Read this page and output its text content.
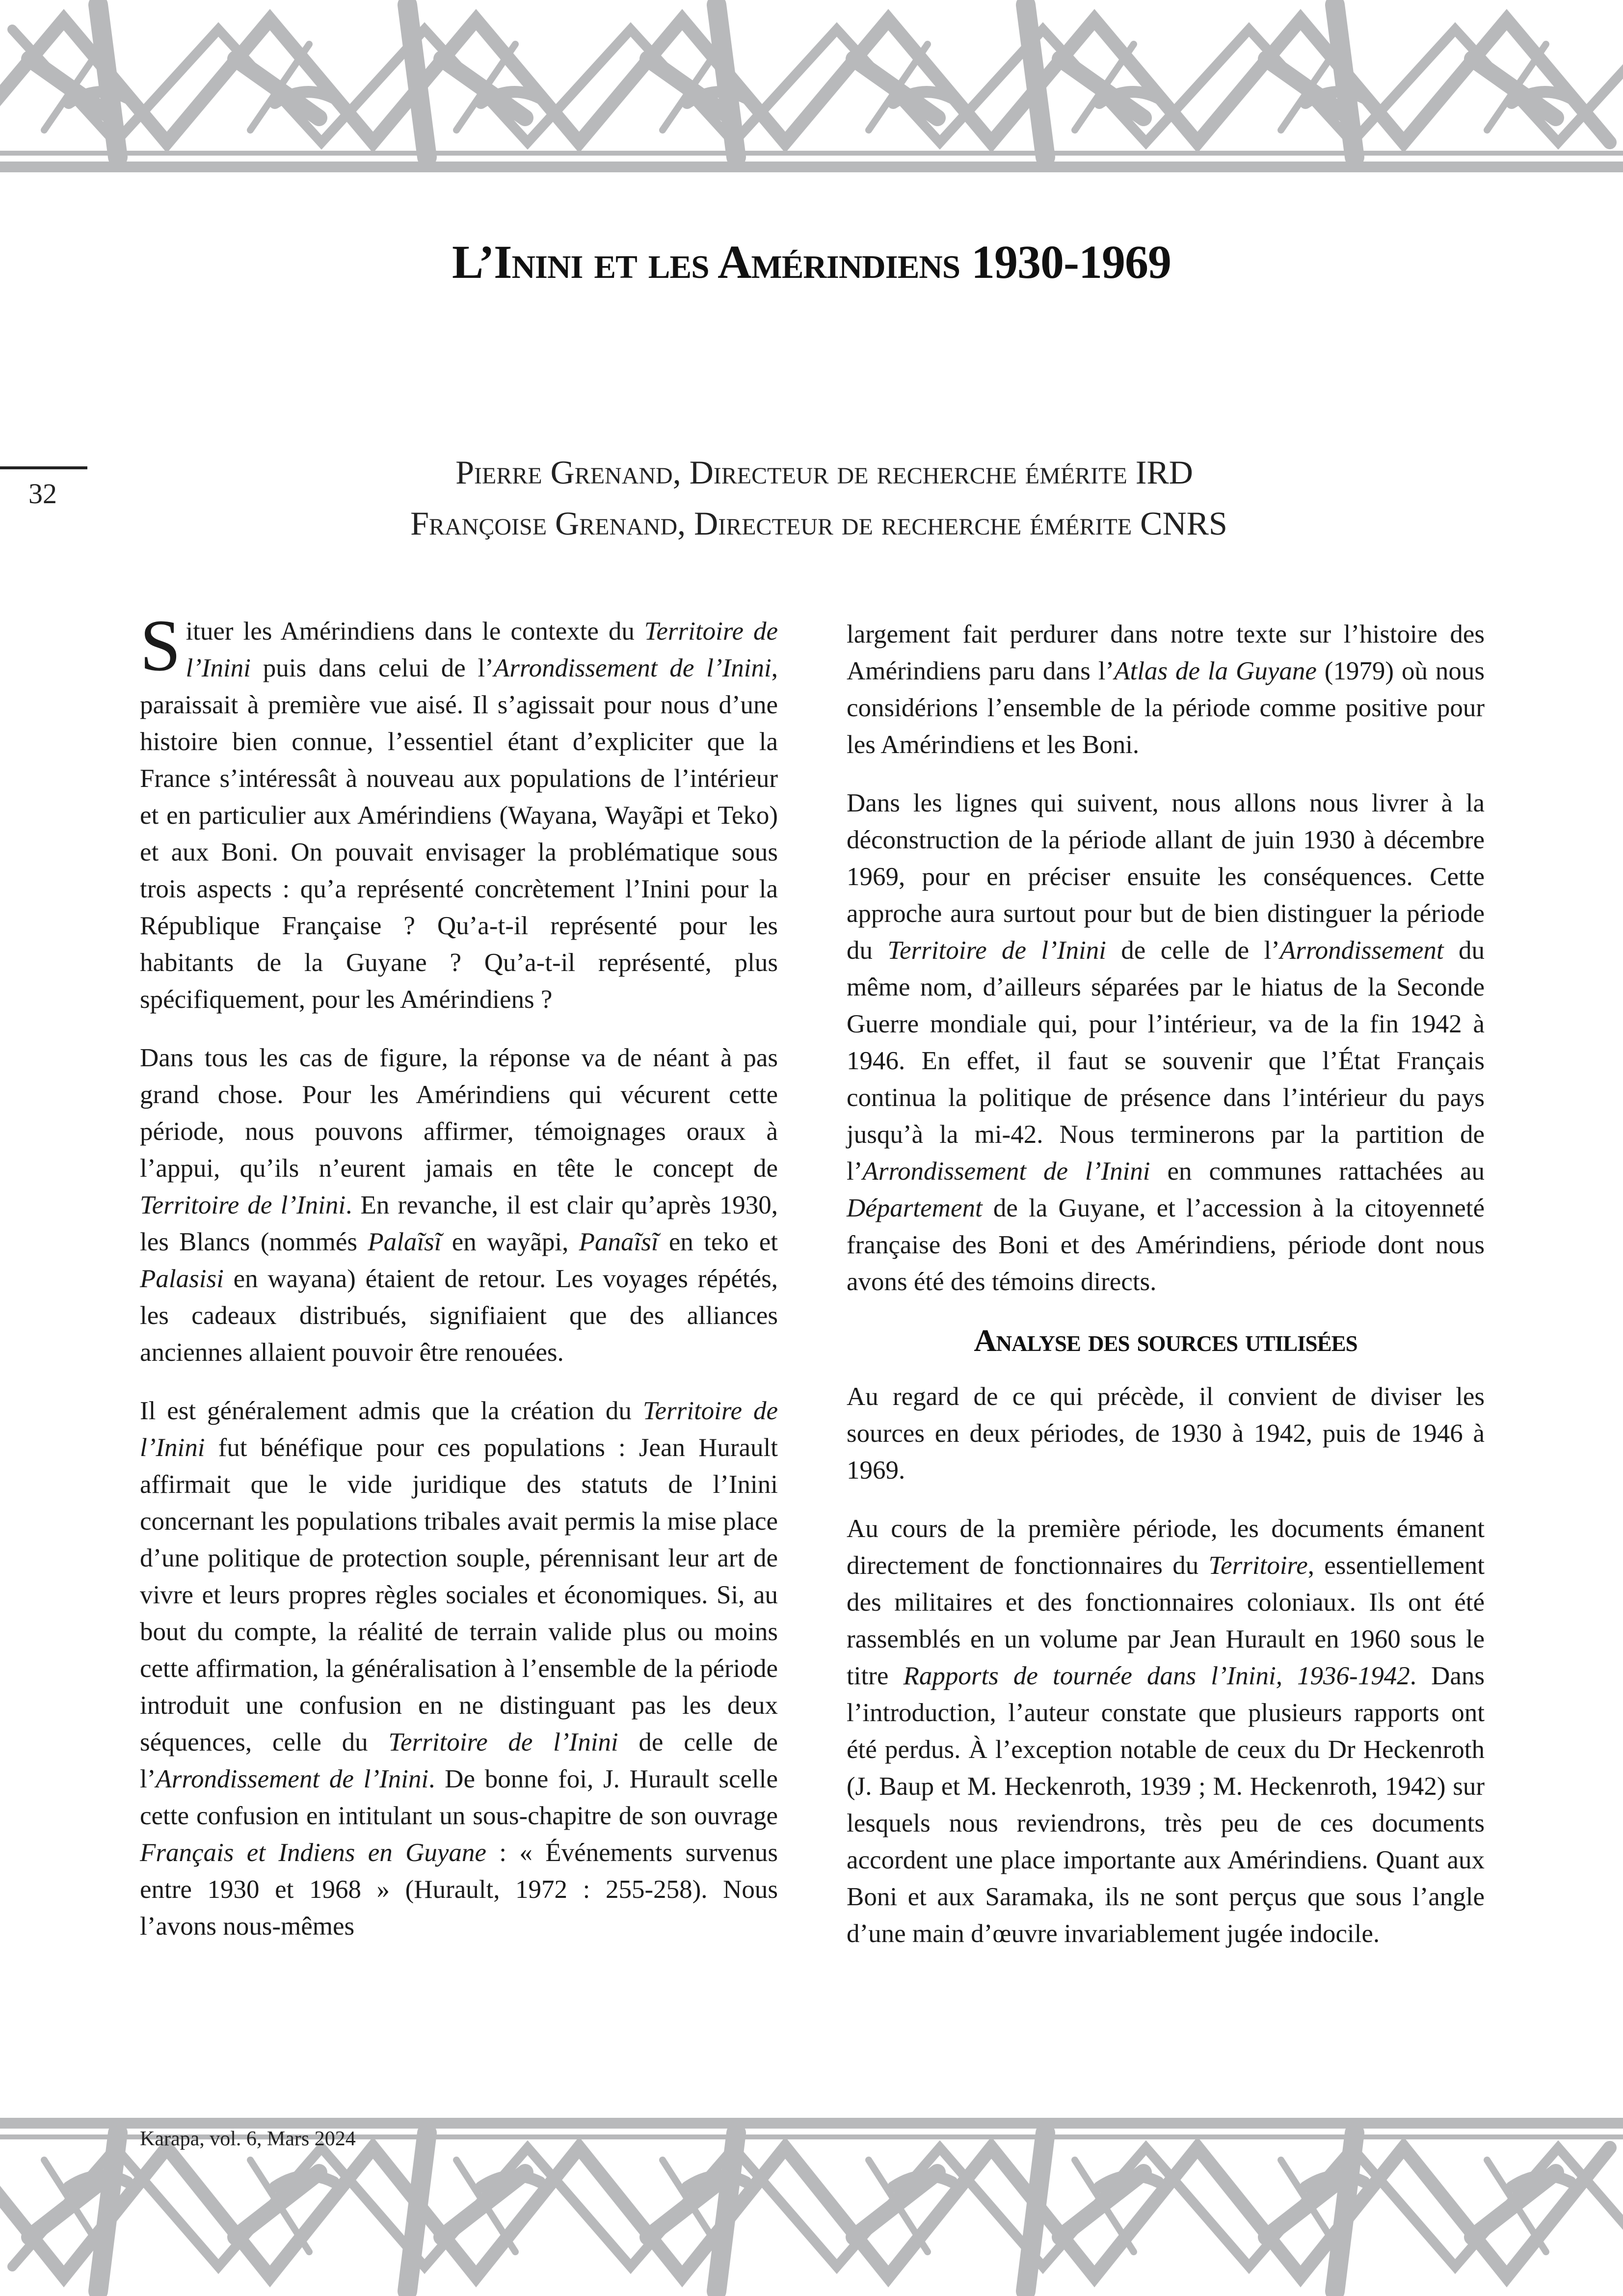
L’Inini et les Amérindiens 1930-1969
32
Pierre Grenand, Directeur de recherche émérite IRD
Françoise Grenand, Directeur de recherche émérite CNRS

Situer les Amérindiens dans le contexte du Territoire de l’Inini puis dans celui de l’Arrondissement de l’Inini, paraissait à première vue aisé. Il s’agissait pour nous d’une histoire bien connue, l’essentiel étant d’expliciter que la France s’intéressât à nouveau aux populations de l’intérieur et en particulier aux Amérindiens (Wayana, Wayãpi et Teko) et aux Boni. On pouvait envisager la problématique sous trois aspects : qu’a représenté concrètement l’Inini pour la République Française ? Qu’a-t-il représenté pour les habitants de la Guyane ? Qu’a-t-il représenté, plus spécifiquement, pour les Amérindiens ?

Dans tous les cas de figure, la réponse va de néant à pas grand chose. Pour les Amérindiens qui vécurent cette période, nous pouvons affirmer, témoignages oraux à l’appui, qu’ils n’eurent jamais en tête le concept de Territoire de l’Inini. En revanche, il est clair qu’après 1930, les Blancs (nommés Palaĩsĩ en wayãpi, Panaĩsĩ en teko et Palasisi en wayana) étaient de retour. Les voyages répétés, les cadeaux distribués, signifiaient que des alliances anciennes allaient pouvoir être renouées.

Il est généralement admis que la création du Territoire de l’Inini fut bénéfique pour ces populations : Jean Hurault affirmait que le vide juridique des statuts de l’Inini concernant les populations tribales avait permis la mise place d’une politique de protection souple, pérennisant leur art de vivre et leurs propres règles sociales et économiques. Si, au bout du compte, la réalité de terrain valide plus ou moins cette affirmation, la généralisation à l’ensemble de la période introduit une confusion en ne distinguant pas les deux séquences, celle du Territoire de l’Inini de celle de l’Arrondissement de l’Inini. De bonne foi, J. Hurault scelle cette confusion en intitulant un sous-chapitre de son ouvrage Français et Indiens en Guyane : « Événements survenus entre 1930 et 1968 » (Hurault, 1972 : 255-258). Nous l’avons nous-mêmes

largement fait perdurer dans notre texte sur l’histoire des Amérindiens paru dans l’Atlas de la Guyane (1979) où nous considérions l’ensemble de la période comme positive pour les Amérindiens et les Boni.

Dans les lignes qui suivent, nous allons nous livrer à la déconstruction de la période allant de juin 1930 à décembre 1969, pour en préciser ensuite les conséquences. Cette approche aura surtout pour but de bien distinguer la période du Territoire de l’Inini de celle de l’Arrondissement du même nom, d’ailleurs séparées par le hiatus de la Seconde Guerre mondiale qui, pour l’intérieur, va de la fin 1942 à 1946. En effet, il faut se souvenir que l’État Français continua la politique de présence dans l’intérieur du pays jusqu’à la mi-42. Nous terminerons par la partition de l’Arrondissement de l’Inini en communes rattachées au Département de la Guyane, et l’accession à la citoyenneté française des Boni et des Amérindiens, période dont nous avons été des témoins directs.

Analyse des sources utilisées

Au regard de ce qui précède, il convient de diviser les sources en deux périodes, de 1930 à 1942, puis de 1946 à 1969.

Au cours de la première période, les documents émanent directement de fonctionnaires du Territoire, essentiellement des militaires et des fonctionnaires coloniaux. Ils ont été rassemblés en un volume par Jean Hurault en 1960 sous le titre Rapports de tournée dans l’Inini, 1936-1942. Dans l’introduction, l’auteur constate que plusieurs rapports ont été perdus. À l’exception notable de ceux du Dr Heckenroth (J. Baup et M. Heckenroth, 1939 ; M. Heckenroth, 1942) sur lesquels nous reviendrons, très peu de ces documents accordent une place importante aux Amérindiens. Quant aux Boni et aux Saramaka, ils ne sont perçus que sous l’angle d’une main d’œuvre invariablement jugée indocile.

Karapa, vol. 6, Mars 2024
